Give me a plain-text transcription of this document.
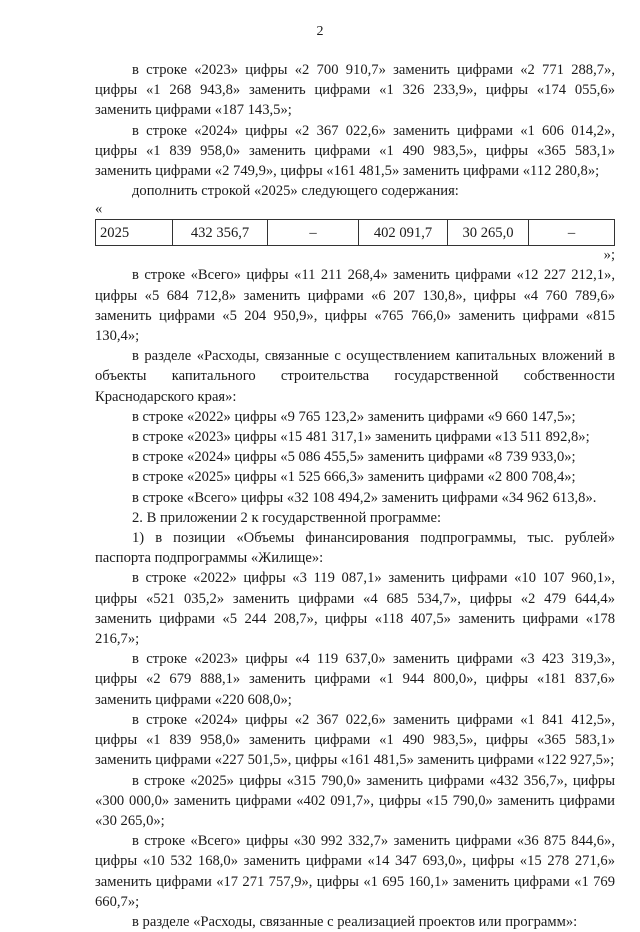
2

в строке «2023» цифры «2 700 910,7» заменить цифрами «2 771 288,7», цифры «1 268 943,8» заменить цифрами «1 326 233,9», цифры «174 055,6» заменить цифрами «187 143,5»;

в строке «2024» цифры «2 367 022,6» заменить цифрами «1 606 014,2», цифры «1 839 958,0» заменить цифрами «1 490 983,5», цифры «365 583,1» заменить цифрами «2 749,9», цифры «161 481,5» заменить цифрами «112 280,8»;

дополнить строкой «2025» следующего содержания:

«

2025	432 356,7	–	402 091,7	30 265,0	–

»;

в строке «Всего» цифры «11 211 268,4» заменить цифрами «12 227 212,1», цифры «5 684 712,8» заменить цифрами «6 207 130,8», цифры «4 760 789,6» заменить цифрами «5 204 950,9», цифры «765 766,0» заменить цифрами «815 130,4»;

в разделе «Расходы, связанные с осуществлением капитальных вложений в объекты капитального строительства государственной собственности Краснодарского края»:

в строке «2022» цифры «9 765 123,2» заменить цифрами «9 660 147,5»;

в строке «2023» цифры «15 481 317,1» заменить цифрами «13 511 892,8»;

в строке «2024» цифры «5 086 455,5» заменить цифрами «8 739 933,0»;

в строке «2025» цифры «1 525 666,3» заменить цифрами «2 800 708,4»;

в строке «Всего» цифры «32 108 494,2» заменить цифрами «34 962 613,8».

2. В приложении 2 к государственной программе:

1) в позиции «Объемы финансирования подпрограммы, тыс. рублей» паспорта подпрограммы «Жилище»:

в строке «2022» цифры «3 119 087,1» заменить цифрами «10 107 960,1», цифры «521 035,2» заменить цифрами «4 685 534,7», цифры «2 479 644,4» заменить цифрами «5 244 208,7», цифры «118 407,5» заменить цифрами «178 216,7»;

в строке «2023» цифры «4 119 637,0» заменить цифрами «3 423 319,3», цифры «2 679 888,1» заменить цифрами «1 944 800,0», цифры «181 837,6» заменить цифрами «220 608,0»;

в строке «2024» цифры «2 367 022,6» заменить цифрами «1 841 412,5», цифры «1 839 958,0» заменить цифрами «1 490 983,5», цифры «365 583,1» заменить цифрами «227 501,5», цифры «161 481,5» заменить цифрами «122 927,5»;

в строке «2025» цифры «315 790,0» заменить цифрами «432 356,7», цифры «300 000,0» заменить цифрами «402 091,7», цифры «15 790,0» заменить цифрами «30 265,0»;

в строке «Всего» цифры «30 992 332,7» заменить цифрами «36 875 844,6», цифры «10 532 168,0» заменить цифрами «14 347 693,0», цифры «15 278 271,6» заменить цифрами «17 271 757,9», цифры «1 695 160,1» заменить цифрами «1 769 660,7»;

в разделе «Расходы, связанные с реализацией проектов или программ»:
